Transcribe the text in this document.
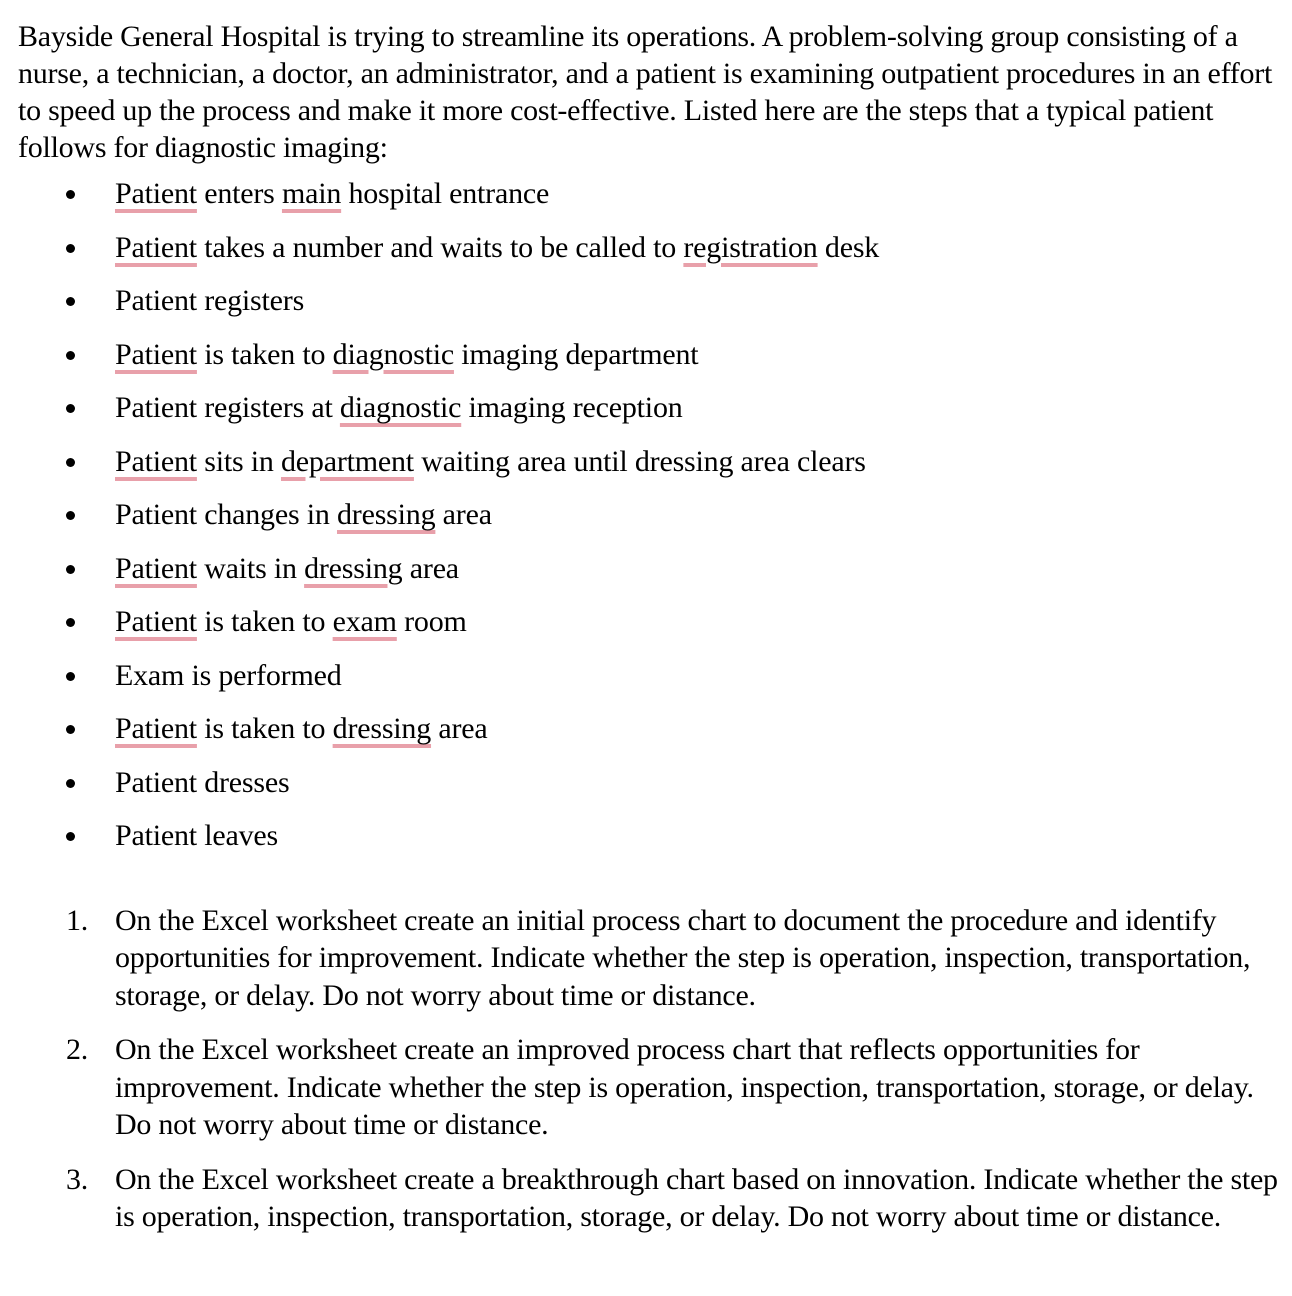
Bayside General Hospital is trying to streamline its operations. A problem-solving group consisting of a nurse, a technician, a doctor, an administrator, and a patient is examining outpatient procedures in an effort to speed up the process and make it more cost-effective. Listed here are the steps that a typical patient follows for diagnostic imaging:

Patient enters main hospital entrance
Patient takes a number and waits to be called to registration desk
Patient registers
Patient is taken to diagnostic imaging department
Patient registers at diagnostic imaging reception
Patient sits in department waiting area until dressing area clears
Patient changes in dressing area
Patient waits in dressing area
Patient is taken to exam room
Exam is performed
Patient is taken to dressing area
Patient dresses
Patient leaves
1. On the Excel worksheet create an initial process chart to document the procedure and identify opportunities for improvement. Indicate whether the step is operation, inspection, transportation, storage, or delay. Do not worry about time or distance.
2. On the Excel worksheet create an improved process chart that reflects opportunities for improvement. Indicate whether the step is operation, inspection, transportation, storage, or delay. Do not worry about time or distance.
3. On the Excel worksheet create a breakthrough chart based on innovation. Indicate whether the step is operation, inspection, transportation, storage, or delay. Do not worry about time or distance.
